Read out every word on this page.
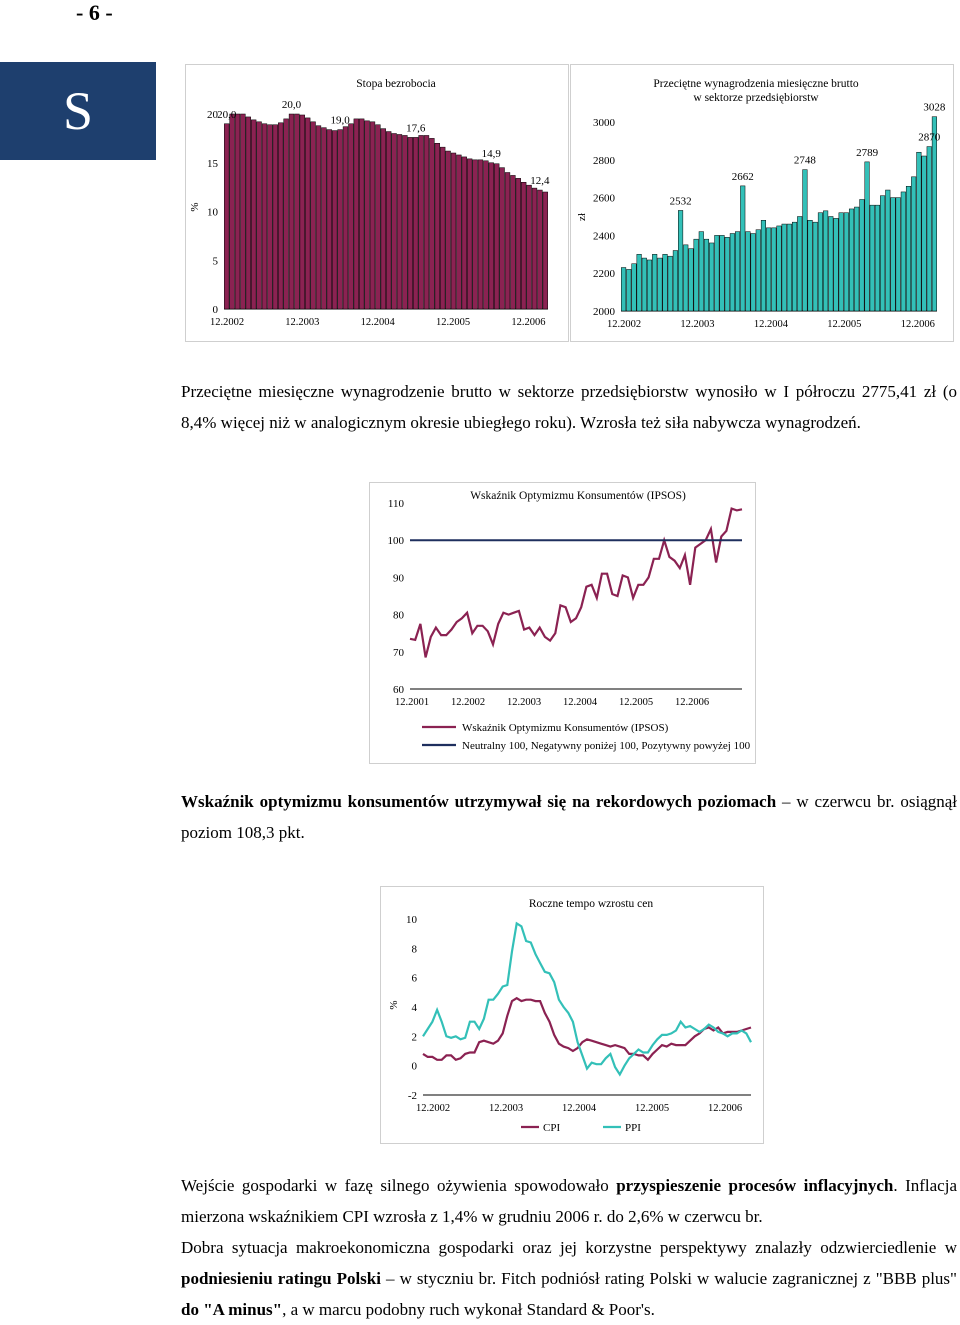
- 6 -
S
0
5
10
15
20
%
12.2002	12.2003	12.2004	12.2005	12.2006
Stopa bezrobocia
20,0
20,0
19,0
17,6
14,9
12,4
2000
2200
2400
2600
2800
3000
zł
12.2002	12.2003	12.2004	12.2005	12.2006
Przeciętne wynagrodzenia miesięczne brutto
w sektorze przedsiębiorstw
2532
2662
2748
2789
3028
2870
Przeciętne miesięczne wynagrodzenie brutto w sektorze przedsiębiorstw wynosiło w I półroczu 2775,41 zł (o 8,4% więcej niż w analogicznym okresie ubiegłego roku). Wzrosła też siła nabywcza wynagrodzeń.
60
70
80
90
100
110
12.2001 12.2002 12.2003 12.2004 12.2005 12.2006
Wskaźnik Optymizmu Konsumentów (IPSOS)
Wskaźnik Optymizmu Konsumentów (IPSOS)
Neutralny 100, Negatywny poniżej 100, Pozytywny powyżej 100
Wskaźnik optymizmu konsumentów utrzymywał się na rekordowych poziomach – w czerwcu br. osiągnął poziom 108,3 pkt.
-2
0
2
4
6
8
10
%
12.2002	12.2003	12.2004	12.2005	12.2006
Roczne tempo wzrostu cen
CPI	PPI
Wejście gospodarki w fazę silnego ożywienia spowodowało przyspieszenie procesów inflacyjnych. Inflacja mierzona wskaźnikiem CPI wzrosła z 1,4% w grudniu 2006 r. do 2,6% w czerwcu br.
Dobra sytuacja makroekonomiczna gospodarki oraz jej korzystne perspektywy znalazły odzwierciedlenie w podniesieniu ratingu Polski – w styczniu br. Fitch podniósł rating Polski w walucie zagranicznej z "BBB plus" do "A minus", a w marcu podobny ruch wykonał Standard & Poor's.
